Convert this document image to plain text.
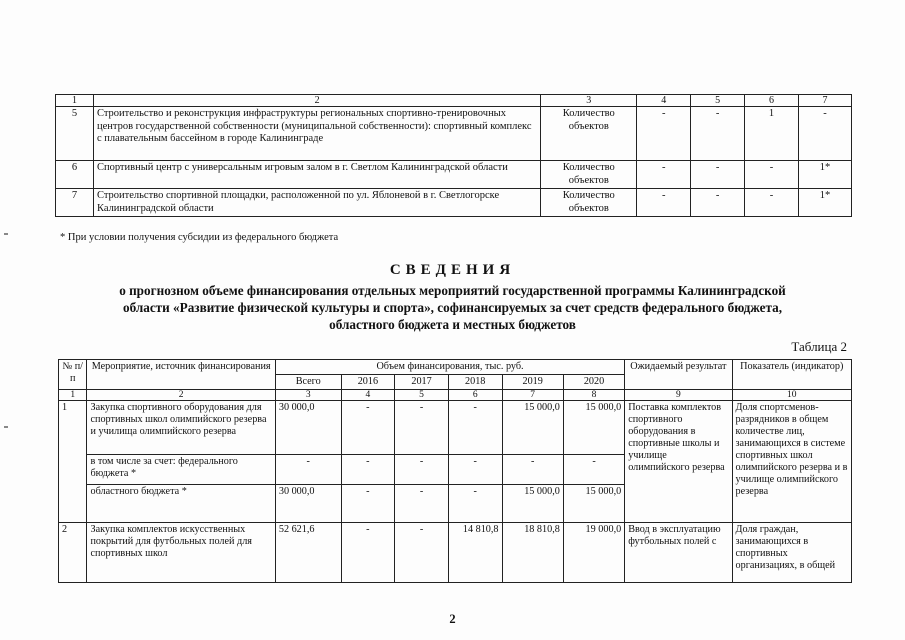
1	2	3	4	5	6	7
5	Строительство и реконструкция инфраструктуры региональных спортивно-тренировочных центров государственной собственности (муниципальной собственности): спортивный комплекс с плавательным бассейном в городе Калининграде	Количество объектов	-	-	1	-
6	Спортивный центр с универсальным игровым залом в г. Светлом Калининградской области	Количество объектов	-	-	-	1*
7	Строительство спортивной площадки, расположенной по ул. Яблоневой в г. Светлогорске Калининградской области	Количество объектов	-	-	-	1*
* При условии получения субсидии из федерального бюджета
СВЕДЕНИЯ
о прогнозном объеме финансирования отдельных мероприятий государственной программы Калининградской
области «Развитие физической культуры и спорта», софинансируемых за счет средств федерального бюджета,
областного бюджета и местных бюджетов
Таблица 2
№ п/п	Мероприятие, источник финансирования	Объем финансирования, тыс. руб.						Ожидаемый результат	Показатель (индикатор)
		Всего	2016	2017	2018	2019	2020		
1	2	3	4	5	6	7	8	9	10
1	Закупка спортивного оборудования для спортивных школ олимпийского резерва и училища олимпийского резерва	30 000,0	-	-	-	15 000,0	15 000,0	Поставка комплектов спортивного оборудования в спортивные школы и училище олимпийского резерва	Доля спортсменов-разрядников в общем количестве лиц, занимающихся в системе спортивных школ олимпийского резерва и в училище олимпийского резерва
	в том числе за счет: федерального бюджета *	-	-	-	-	-	-		
	областного бюджета *	30 000,0	-	-	-	15 000,0	15 000,0		
2	Закупка комплектов искусственных покрытий для футбольных полей для спортивных школ	52 621,6	-	-	14 810,8	18 810,8	19 000,0	Ввод в эксплуатацию футбольных полей с	Доля граждан, занимающихся в спортивных организациях, в общей
2
